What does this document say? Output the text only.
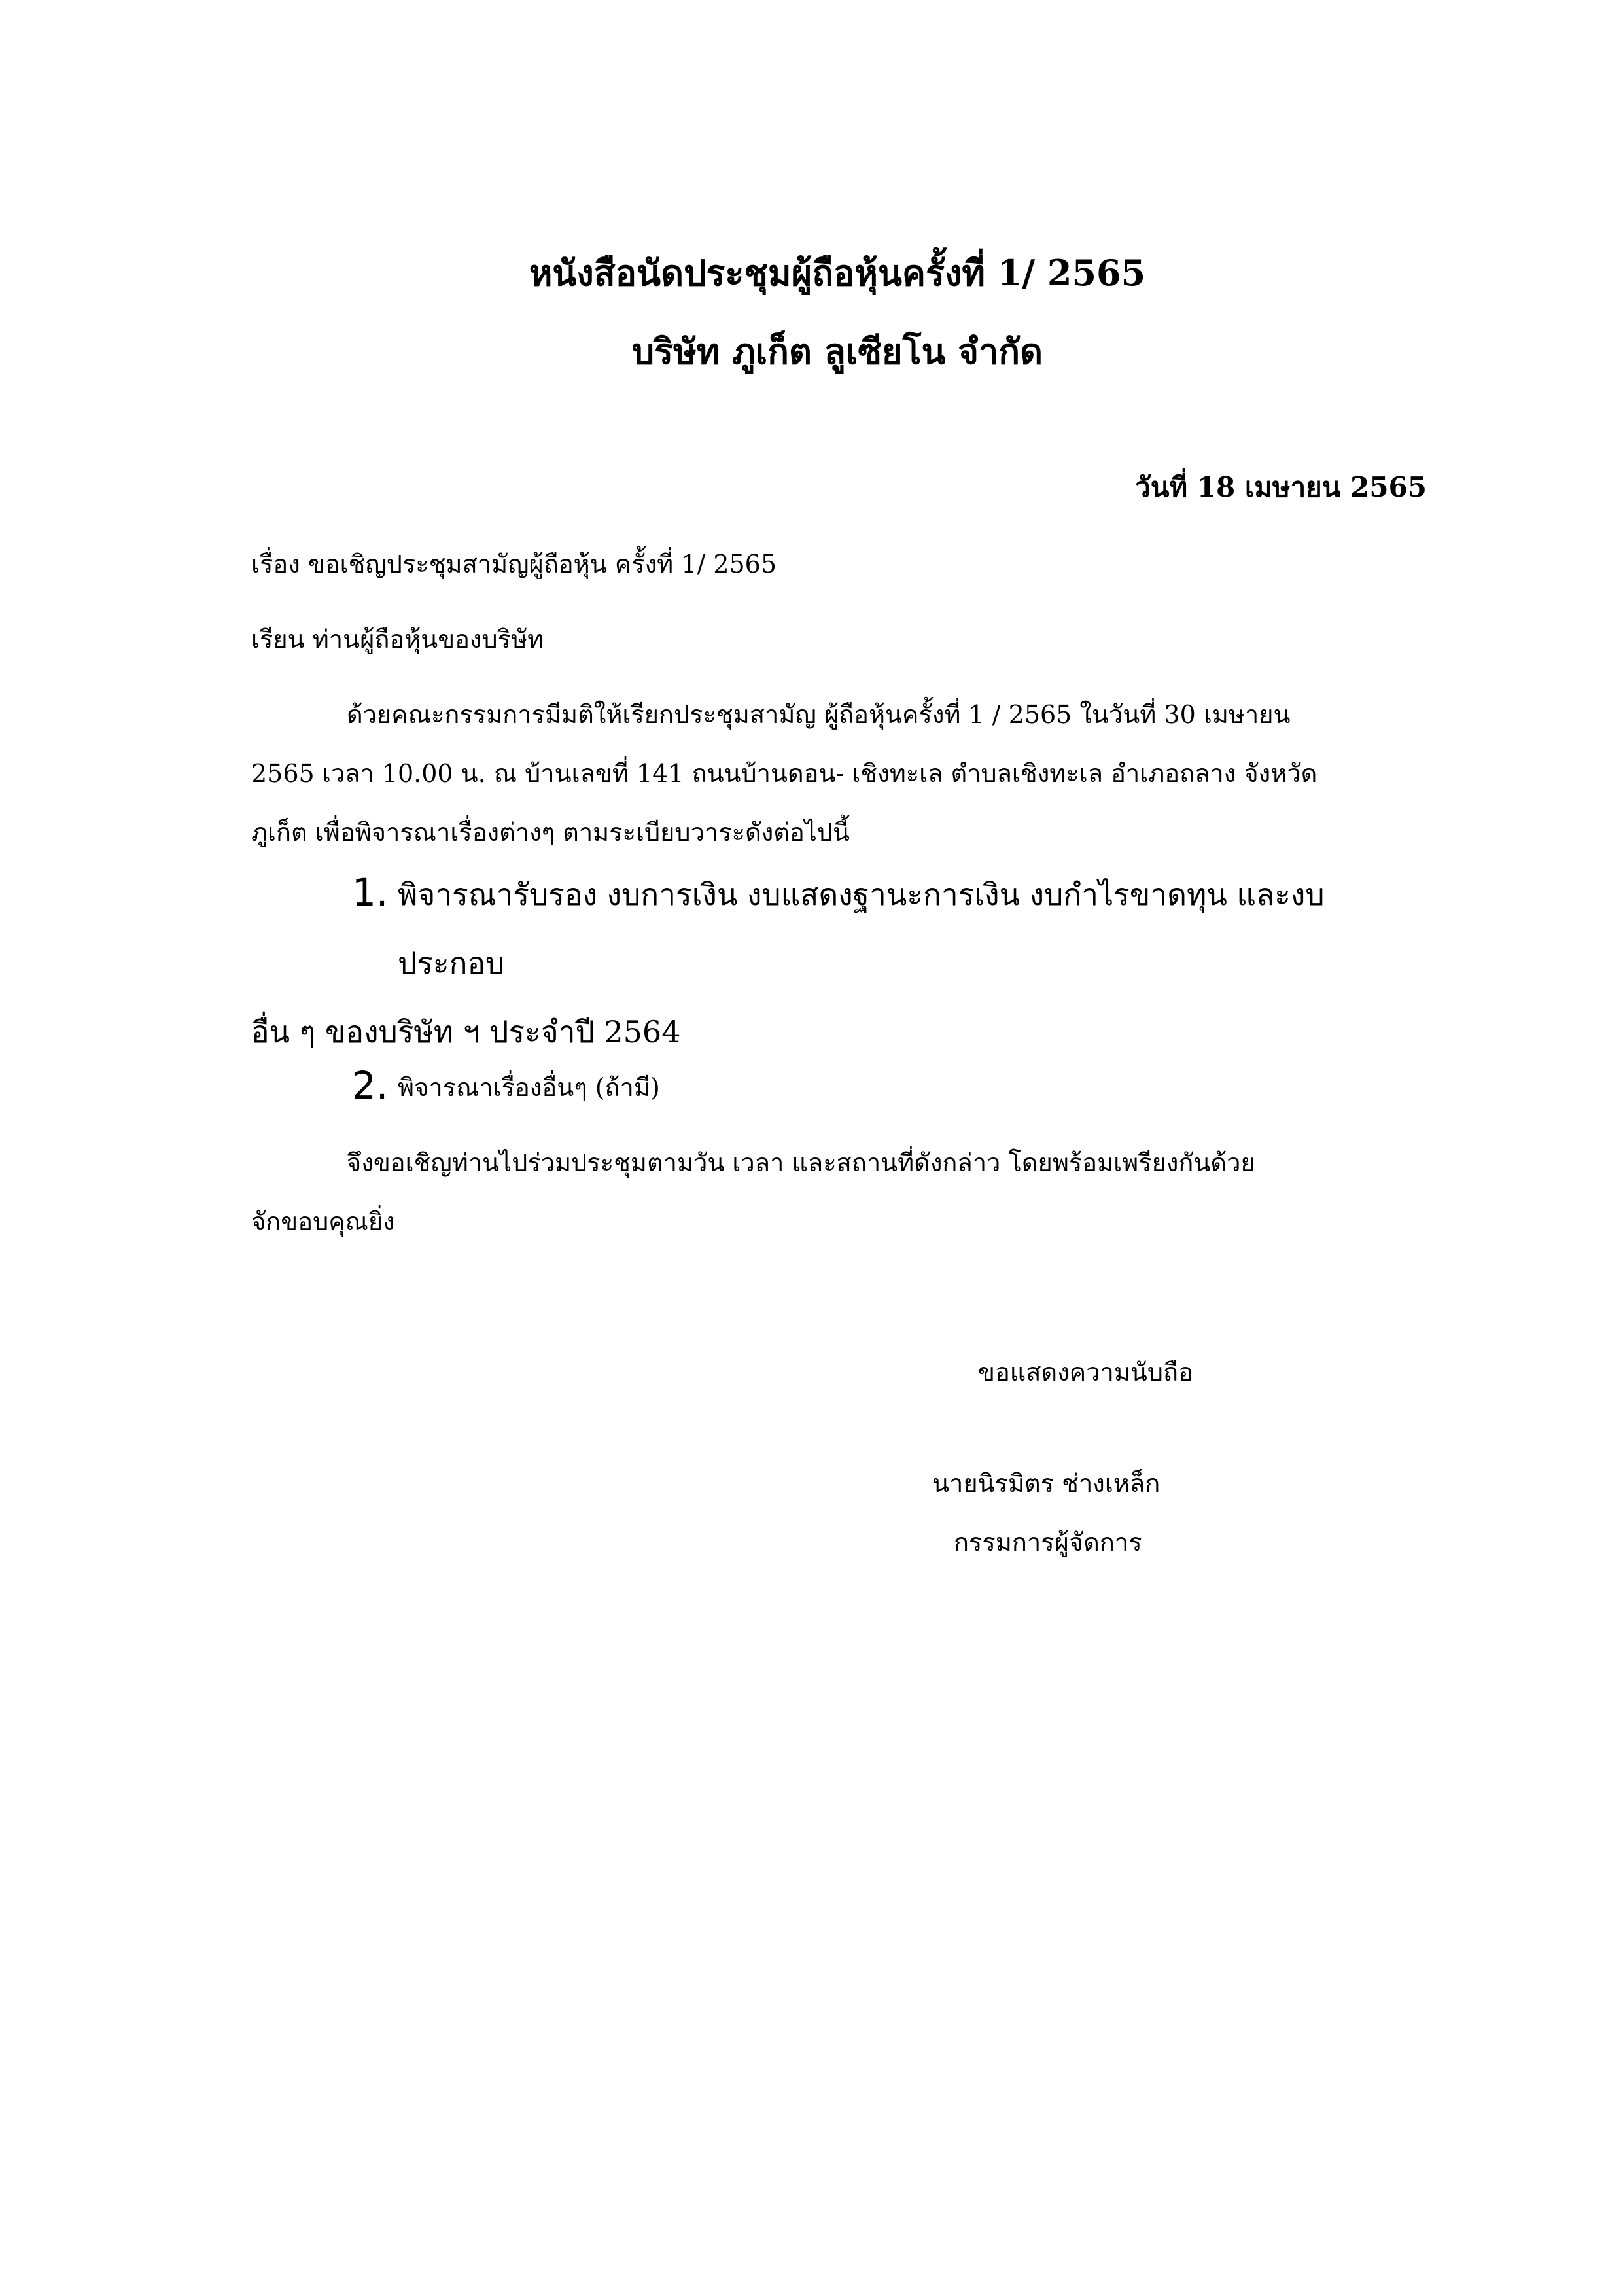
หนังสือนัดประชุมผู้ถือหุ้นครั้งที่ 1/ 2565
บริษัท ภูเก็ต ลูเซียโน จำกัด
วันที่ 18 เมษายน 2565
เรื่อง ขอเชิญประชุมสามัญผู้ถือหุ้น ครั้งที่ 1/ 2565
เรียน ท่านผู้ถือหุ้นของบริษัท
ด้วยคณะกรรมการมีมติให้เรียกประชุมสามัญ ผู้ถือหุ้นครั้งที่ 1 / 2565 ในวันที่ 30 เมษายน
2565 เวลา 10.00 น. ณ บ้านเลขที่ 141 ถนนบ้านดอน- เชิงทะเล ตำบลเชิงทะเล อำเภอถลาง จังหวัด
ภูเก็ต เพื่อพิจารณาเรื่องต่างๆ ตามระเบียบวาระดังต่อไปนี้
1. พิจารณารับรอง งบการเงิน งบแสดงฐานะการเงิน งบกำไรขาดทุน และงบ
ประกอบ
อื่น ๆ ของบริษัท ฯ ประจำปี 2564
2. พิจารณาเรื่องอื่นๆ (ถ้ามี)
จึงขอเชิญท่านไปร่วมประชุมตามวัน เวลา และสถานที่ดังกล่าว โดยพร้อมเพรียงกันด้วย
จักขอบคุณยิ่ง
ขอแสดงความนับถือ
นายนิรมิตร ช่างเหล็ก
กรรมการผู้จัดการ
